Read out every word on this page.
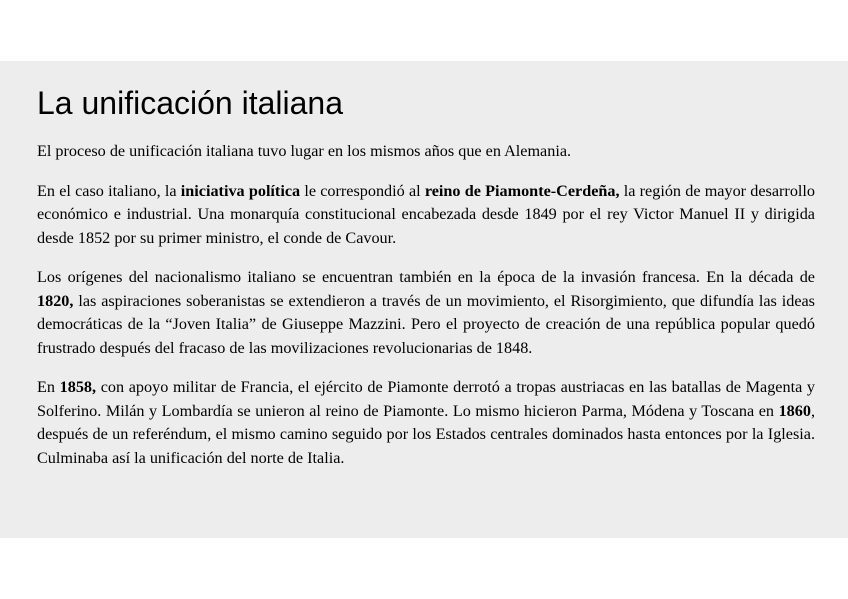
La unificación italiana

El proceso de unificación italiana tuvo lugar en los mismos años que en Alemania.

En el caso italiano, la iniciativa política le correspondió al reino de Piamonte-Cerdeña, la región de mayor desarrollo económico e industrial. Una monarquía constitucional encabezada desde 1849 por el rey Victor Manuel II y dirigida desde 1852 por su primer ministro, el conde de Cavour.

Los orígenes del nacionalismo italiano se encuentran también en la época de la invasión francesa. En la década de 1820, las aspiraciones soberanistas se extendieron a través de un movimiento, el Risorgimiento, que difundía las ideas democráticas de la “Joven Italia” de Giuseppe Mazzini. Pero el proyecto de creación de una república popular quedó frustrado después del fracaso de las movilizaciones revolucionarias de 1848.

En 1858, con apoyo militar de Francia, el ejército de Piamonte derrotó a tropas austriacas en las batallas de Magenta y Solferino. Milán y Lombardía se unieron al reino de Piamonte. Lo mismo hicieron Parma, Módena y Toscana en 1860, después de un referéndum, el mismo camino seguido por los Estados centrales dominados hasta entonces por la Iglesia. Culminaba así la unificación del norte de Italia.
